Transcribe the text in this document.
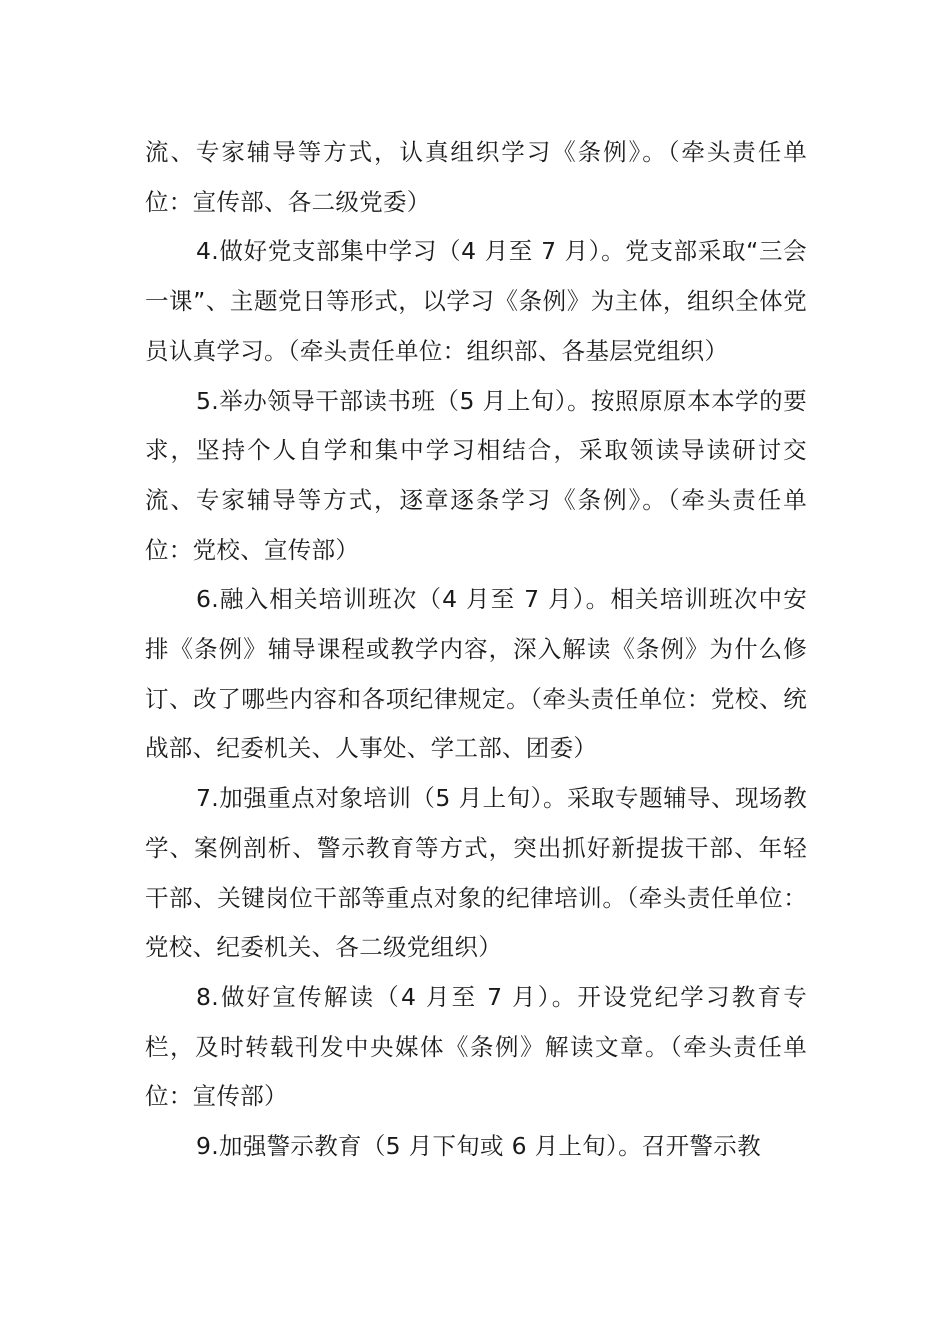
流、专家辅导等方式，认真组织学习《条例》。（牵头责任单位：宣传部、各二级党委）

4.做好党支部集中学习（4 月至 7 月）。党支部采取“三会一课”、主题党日等形式，以学习《条例》为主体，组织全体党员认真学习。（牵头责任单位：组织部、各基层党组织）

5.举办领导干部读书班（5 月上旬）。按照原原本本学的要求，坚持个人自学和集中学习相结合，采取领读导读研讨交流、专家辅导等方式，逐章逐条学习《条例》。（牵头责任单位：党校、宣传部）

6.融入相关培训班次（4 月至 7 月）。相关培训班次中安排《条例》辅导课程或教学内容，深入解读《条例》为什么修订、改了哪些内容和各项纪律规定。（牵头责任单位：党校、统战部、纪委机关、人事处、学工部、团委）

7.加强重点对象培训（5 月上旬）。采取专题辅导、现场教学、案例剖析、警示教育等方式，突出抓好新提拔干部、年轻干部、关键岗位干部等重点对象的纪律培训。（牵头责任单位：党校、纪委机关、各二级党组织）

8.做好宣传解读（4 月至 7 月）。开设党纪学习教育专栏，及时转载刊发中央媒体《条例》解读文章。（牵头责任单位：宣传部）

9.加强警示教育（5 月下旬或 6 月上旬）。召开警示教
